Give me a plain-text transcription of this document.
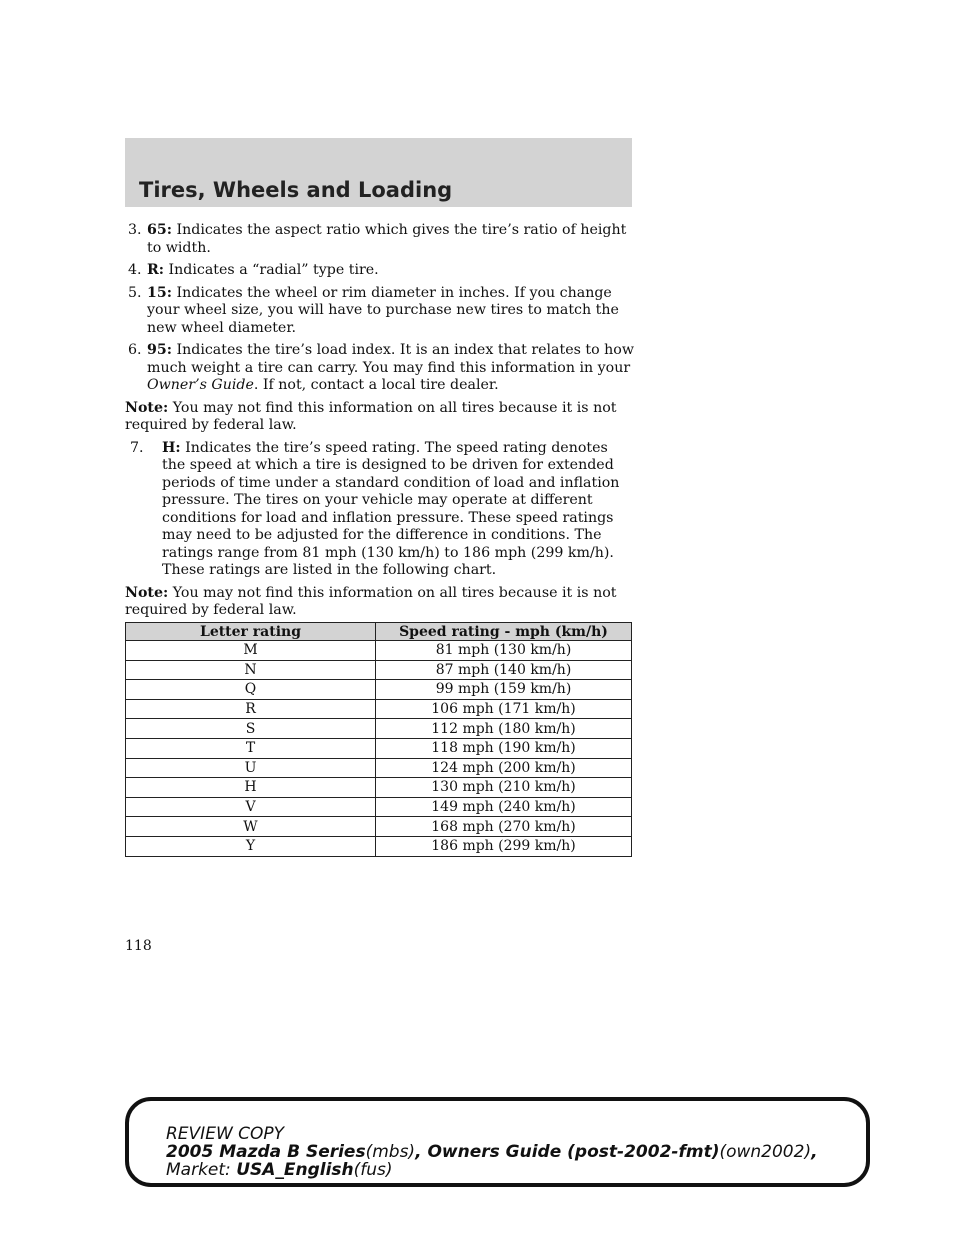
Tires, Wheels and Loading
3. 65: Indicates the aspect ratio which gives the tire’s ratio of height to width.
4. R: Indicates a “radial” type tire.
5. 15: Indicates the wheel or rim diameter in inches. If you change your wheel size, you will have to purchase new tires to match the new wheel diameter.
6. 95: Indicates the tire’s load index. It is an index that relates to how much weight a tire can carry. You may find this information in your Owner’s Guide. If not, contact a local tire dealer.
Note: You may not find this information on all tires because it is not required by federal law.
7. H: Indicates the tire’s speed rating. The speed rating denotes the speed at which a tire is designed to be driven for extended periods of time under a standard condition of load and inflation pressure. The tires on your vehicle may operate at different conditions for load and inflation pressure. These speed ratings may need to be adjusted for the difference in conditions. The ratings range from 81 mph (130 km/h) to 186 mph (299 km/h). These ratings are listed in the following chart.
Note: You may not find this information on all tires because it is not required by federal law.
Letter rating	Speed rating - mph (km/h)
M	81 mph (130 km/h)
N	87 mph (140 km/h)
Q	99 mph (159 km/h)
R	106 mph (171 km/h)
S	112 mph (180 km/h)
T	118 mph (190 km/h)
U	124 mph (200 km/h)
H	130 mph (210 km/h)
V	149 mph (240 km/h)
W	168 mph (270 km/h)
Y	186 mph (299 km/h)
118
REVIEW COPY
2005 Mazda B Series(mbs), Owners Guide (post-2002-fmt)(own2002),
Market: USA_English(fus)
